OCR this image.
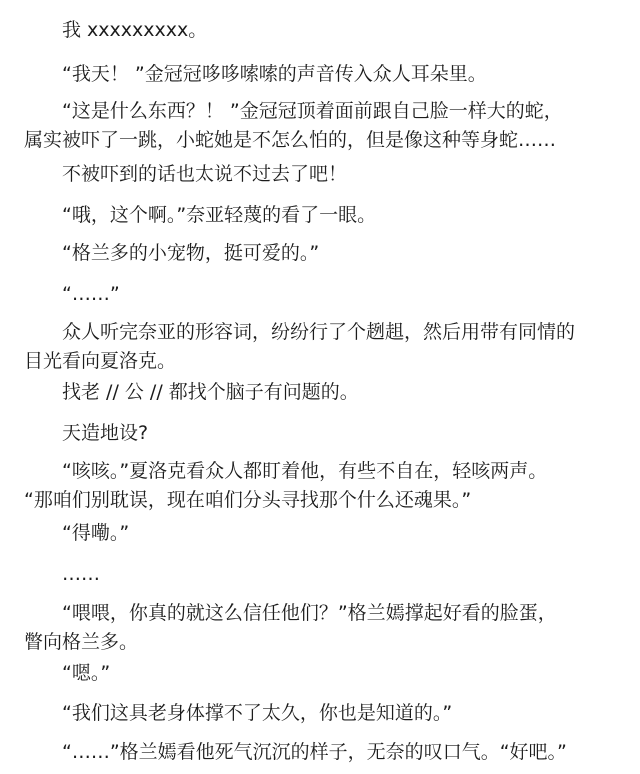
我 xxxxxxxxx。

“我天！ ”金冠冠哆哆嗦嗦的声音传入众人耳朵里。

“这是什么东西？！ ”金冠冠顶着面前跟自己脸一样大的蛇，
属实被吓了一跳，小蛇她是不怎么怕的，但是像这种等身蛇……

不被吓到的话也太说不过去了吧！

“哦，这个啊。”奈亚轻蔑的看了一眼。

“格兰多的小宠物，挺可爱的。”

“……”

众人听完奈亚的形容词，纷纷行了个趔趄，然后用带有同情的
目光看向夏洛克。

找老 // 公 // 都找个脑子有问题的。

天造地设?

“咳咳。”夏洛克看众人都盯着他，有些不自在，轻咳两声。
“那咱们别耽误，现在咱们分头寻找那个什么还魂果。”

“得嘞。”

……

“喂喂，你真的就这么信任他们？”格兰嫣撑起好看的脸蛋，
瞥向格兰多。

“嗯。”

“我们这具老身体撑不了太久，你也是知道的。”

“……”格兰嫣看他死气沉沉的样子，无奈的叹口气。“好吧。”
